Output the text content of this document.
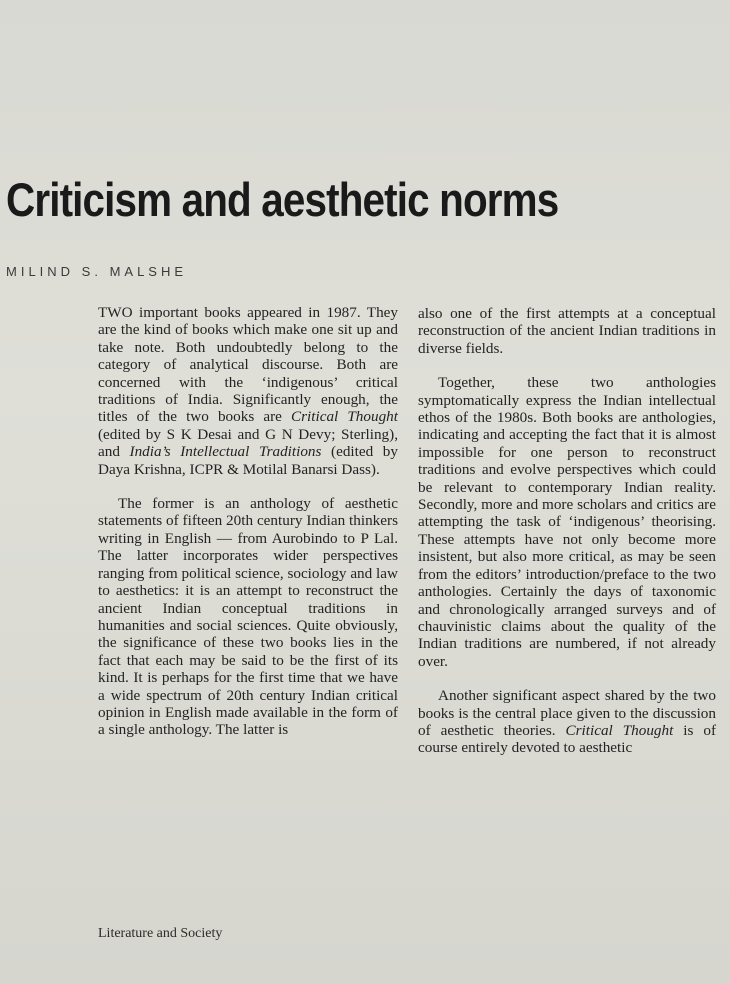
Criticism and aesthetic norms
MILIND S. MALSHE

TWO important books appeared in 1987. They are the kind of books which make one sit up and take note. Both undoubtedly belong to the category of analytical discourse. Both are concerned with the ‘indigenous’ critical traditions of India. Significantly enough, the titles of the two books are Critical Thought (edited by S K Desai and G N Devy; Sterling), and India’s Intellectual Traditions (edited by Daya Krishna, ICPR & Motilal Banarsi Dass).

The former is an anthology of aesthetic statements of fifteen 20th century Indian thinkers writing in English — from Aurobindo to P Lal. The latter incorporates wider perspectives ranging from political science, sociology and law to aesthetics: it is an attempt to reconstruct the ancient Indian conceptual traditions in humanities and social sciences. Quite obviously, the significance of these two books lies in the fact that each may be said to be the first of its kind. It is perhaps for the first time that we have a wide spectrum of 20th century Indian critical opinion in English made available in the form of a single anthology. The latter is

also one of the first attempts at a conceptual reconstruction of the ancient Indian traditions in diverse fields.

Together, these two anthologies symptomatically express the Indian intellectual ethos of the 1980s. Both books are anthologies, indicating and accepting the fact that it is almost impossible for one person to reconstruct traditions and evolve perspectives which could be relevant to contemporary Indian reality. Secondly, more and more scholars and critics are attempting the task of ‘indigenous’ theorising. These attempts have not only become more insistent, but also more critical, as may be seen from the editors’ introduction/preface to the two anthologies. Certainly the days of taxonomic and chronologically arranged surveys and of chauvinistic claims about the quality of the Indian traditions are numbered, if not already over.

Another significant aspect shared by the two books is the central place given to the discussion of aesthetic theories. Critical Thought is of course entirely devoted to aesthetic

Literature and Society
